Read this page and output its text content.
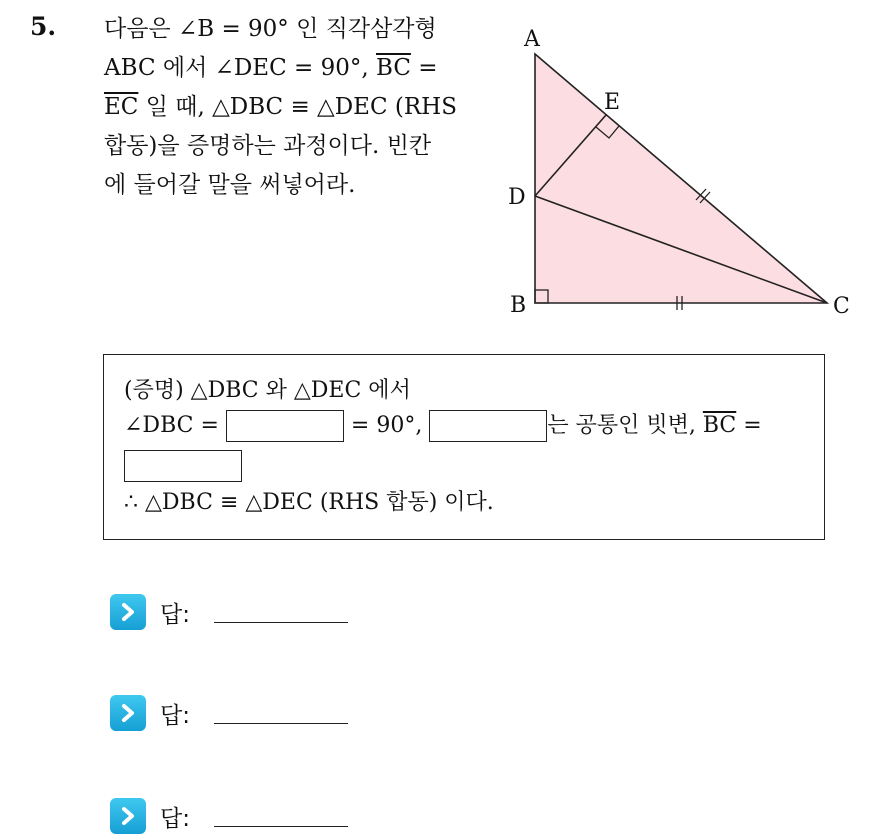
5. 다음은 ∠B = 90° 인 직각삼각형
ABC 에서 ∠DEC = 90°, $\overline{BC}$ =
$\overline{EC}$ 일 때, △DBC ≡ △DEC (RHS
합동)을 증명하는 과정이다. 빈칸
에 들어갈 말을 써넣어라.
A
B	C
D
E
(증명) △DBC 와 △DEC 에서
∠DBC =	= 90°,	는 공통인 빗변, $\overline{BC}$ =
∴ △DBC ≡ △DEC (RHS 합동) 이다.
답:
답:
답:
